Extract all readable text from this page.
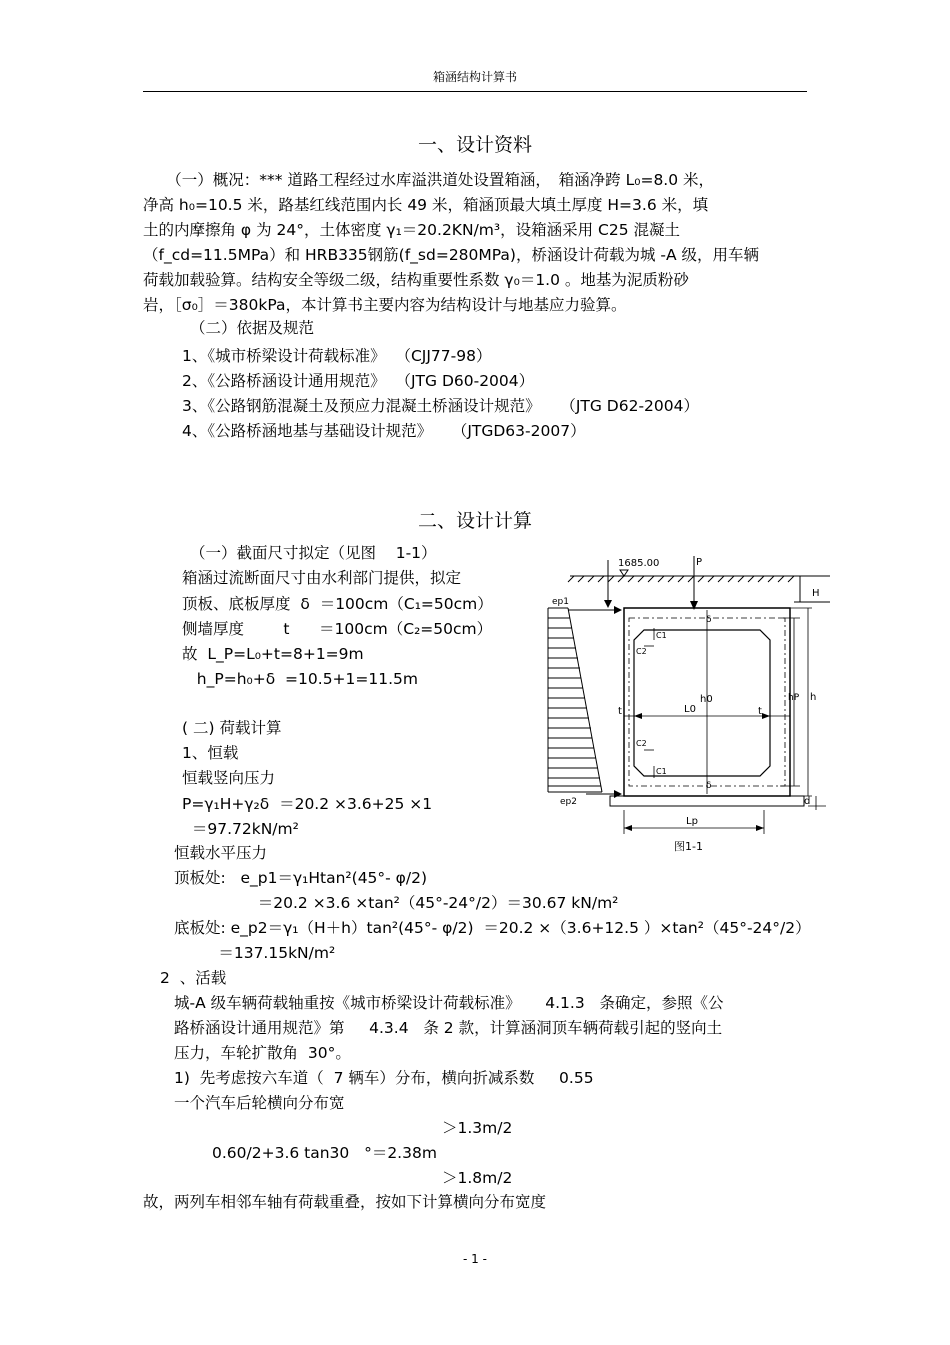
箱涵结构计算书
一、设计资料

　　（一）概况：*** 道路工程经过水库溢洪道处设置箱涵，　箱涵净跨 L₀=8.0 米，

净高 h₀=10.5 米，路基红线范围内长 49 米，箱涵顶最大填土厚度 H=3.6 米，填

土的内摩擦角 φ 为 24°，土体密度 γ₁＝20.2KN/m³，设箱涵采用 C25 混凝土

（f_cd=11.5MPa）和 HRB335钢筋(f_sd=280MPa)，桥涵设计荷载为城 -A 级，用车辆

荷载加载验算。结构安全等级二级，结构重要性系数 γ₀＝1.0 。地基为泥质粉砂

岩，［σ₀］＝380kPa，本计算书主要内容为结构设计与地基应力验算。

（二）依据及规范
1、《城市桥梁设计荷载标准》  （CJJ77-98）
2、《公路桥涵设计通用规范》  （JTG D60-2004）
3、《公路钢筋混凝土及预应力混凝土桥涵设计规范》    （JTG D62-2004）
4、《公路桥涵地基与基础设计规范》    （JTGD63-2007）
二、设计计算
（一）截面尺寸拟定（见图    1-1）
箱涵过流断面尺寸由水利部门提供，拟定
顶板、底板厚度  δ  ＝100cm（C₁=50cm）
侧墙厚度        t      ＝100cm（C₂=50cm）
故  L_P=L₀+t=8+1=9m
h_P=h₀+δ  =10.5+1=11.5m
( 二) 荷载计算
1、恒载
恒载竖向压力
P=γ₁H+γ₂δ  ＝20.2 ×3.6+25 ×1
＝97.72kN/m²
恒载水平压力
顶板处:   e_p1＝γ₁Htan²(45°- φ/2)
＝20.2 ×3.6 ×tan²（45°-24°/2）＝30.67 kN/m²
底板处: e_p2＝γ₁（H＋h）tan²(45°- φ/2)  ＝20.2 ×（3.6+12.5 ）×tan²（45°-24°/2）
＝137.15kN/m²
2  、活载
城-A 级车辆荷载轴重按《城市桥梁设计荷载标准》     4.1.3   条确定，参照《公
路桥涵设计通用规范》第     4.3.4   条 2 款，计算涵洞顶车辆荷载引起的竖向土
压力，车轮扩散角  30°。
1)  先考虑按六车道（  7 辆车）分布，横向折减系数     0.55
一个汽车后轮横向分布宽
＞1.3m/2
0.60/2+3.6 tan30   °＝2.38m
＞1.8m/2
故，两列车相邻车轴有荷载重叠，按如下计算横向分布宽度
1685.00	P
H
ep1
ep2
L0
h0
t	t
δ
δ
C1
C2
C2
C1
hP h
d
Lp
图1-1
- 1 -
